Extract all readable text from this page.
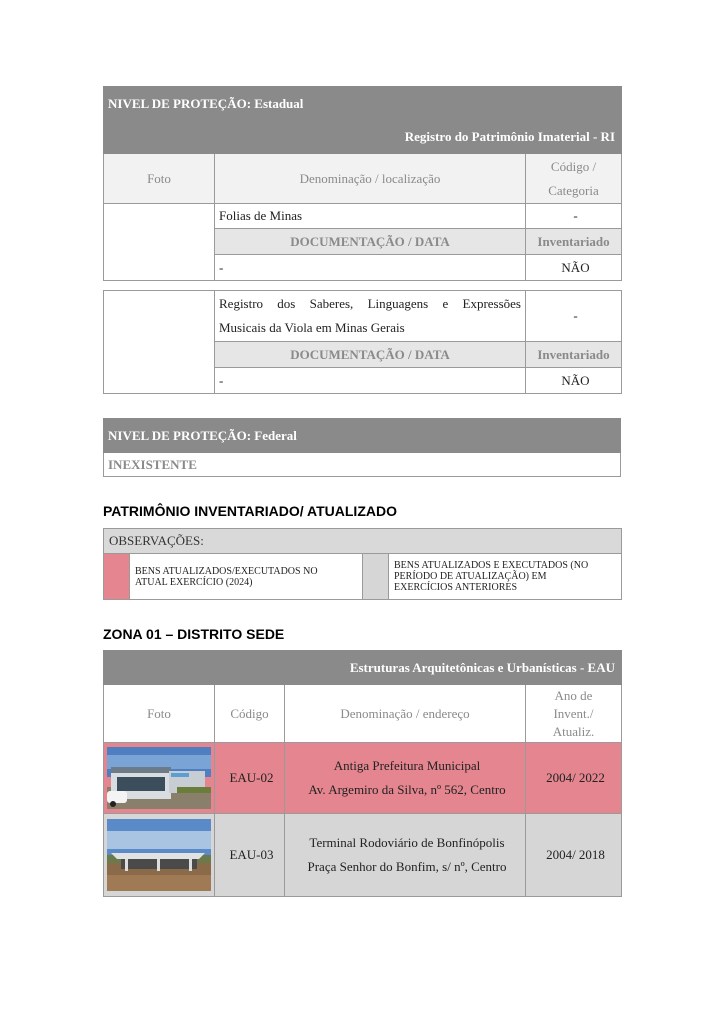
NIVEL DE PROTEÇÃO: Estadual
Registro do Patrimônio Imaterial - RI		

Foto	Denominação / localização	Código /
Categoria

	Folias de Minas	-
	DOCUMENTAÇÃO / DATA	Inventariado
	-	NÃO

	Registro dos Saberes, Linguagens e Expressões
Musicais da Viola em Minas Gerais	-
	DOCUMENTAÇÃO / DATA	Inventariado
	-	NÃO
NIVEL DE PROTEÇÃO: Federal
INEXISTENTE
PATRIMÔNIO INVENTARIADO/ ATUALIZADO
OBSERVAÇÕES:

BENS ATUALIZADOS/EXECUTADOS NO
ATUAL EXERCÍCIO (2024)

BENS ATUALIZADOS E EXECUTADOS (NO
PERÍODO DE ATUALIZAÇÃO) EM
EXERCÍCIOS ANTERIORES
ZONA 01 – DISTRITO SEDE
Estruturas Arquitetônicas e Urbanísticas - EAU			
Foto	Código	Denominação / endereço	Ano de
Invent./
Atualiz.

	EAU-02	Antiga Prefeitura Municipal
Av. Argemiro da Silva, nº 562, Centro	2004/ 2022

	EAU-03	Terminal Rodoviário de Bonfinópolis
Praça Senhor do Bonfim, s/ nº, Centro	2004/ 2018
